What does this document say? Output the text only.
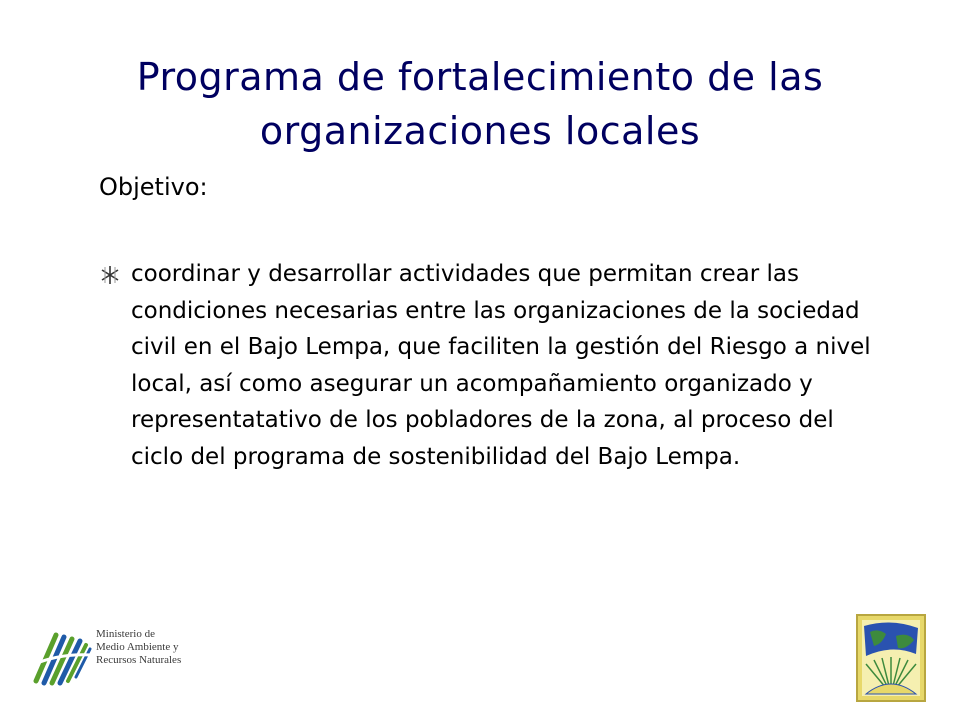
Programa de fortalecimiento de las
organizaciones locales
Objetivo:
coordinar y desarrollar actividades que permitan crear las condiciones necesarias entre las organizaciones de la sociedad civil en el Bajo Lempa, que faciliten la gestión del Riesgo a nivel local, así como asegurar un acompañamiento organizado y representatativo de los pobladores de la zona, al proceso del ciclo del programa de sostenibilidad del Bajo Lempa.
Ministerio de
Medio Ambiente y
Recursos Naturales
